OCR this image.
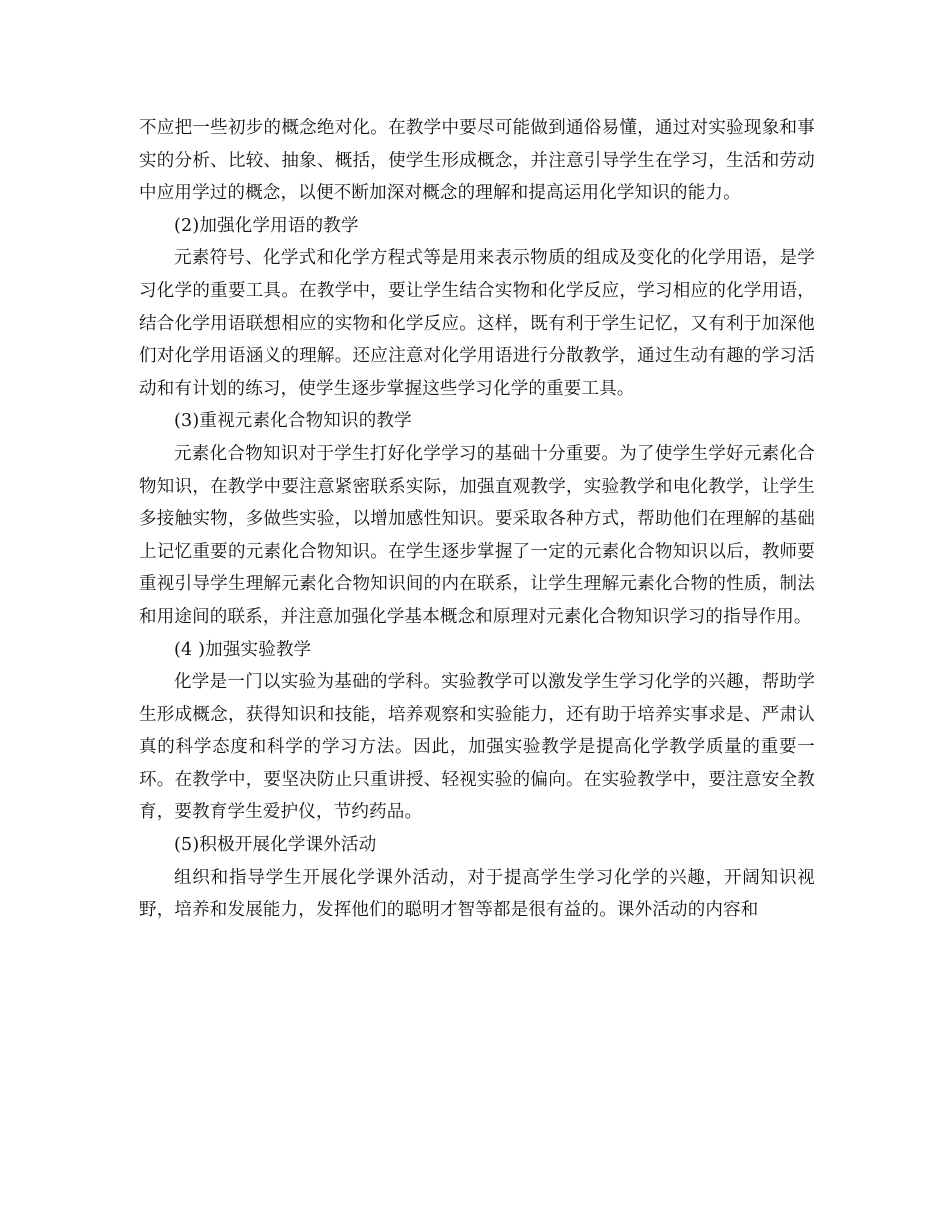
不应把一些初步的概念绝对化。在教学中要尽可能做到通俗易懂，通过对实验现象和事实的分析、比较、抽象、概括，使学生形成概念，并注意引导学生在学习，生活和劳动中应用学过的概念，以便不断加深对概念的理解和提高运用化学知识的能力。

(2)加强化学用语的教学

元素符号、化学式和化学方程式等是用来表示物质的组成及变化的化学用语，是学习化学的重要工具。在教学中，要让学生结合实物和化学反应，学习相应的化学用语，结合化学用语联想相应的实物和化学反应。这样，既有利于学生记忆，又有利于加深他们对化学用语涵义的理解。还应注意对化学用语进行分散教学，通过生动有趣的学习活动和有计划的练习，使学生逐步掌握这些学习化学的重要工具。

(3)重视元素化合物知识的教学

元素化合物知识对于学生打好化学学习的基础十分重要。为了使学生学好元素化合物知识，在教学中要注意紧密联系实际，加强直观教学，实验教学和电化教学，让学生多接触实物，多做些实验，以增加感性知识。要采取各种方式，帮助他们在理解的基础上记忆重要的元素化合物知识。在学生逐步掌握了一定的元素化合物知识以后，教师要重视引导学生理解元素化合物知识间的内在联系，让学生理解元素化合物的性质，制法和用途间的联系，并注意加强化学基本概念和原理对元素化合物知识学习的指导作用。

(4 )加强实验教学

化学是一门以实验为基础的学科。实验教学可以激发学生学习化学的兴趣，帮助学生形成概念，获得知识和技能，培养观察和实验能力，还有助于培养实事求是、严肃认真的科学态度和科学的学习方法。因此，加强实验教学是提高化学教学质量的重要一环。在教学中，要坚决防止只重讲授、轻视实验的偏向。在实验教学中，要注意安全教育，要教育学生爱护仪，节约药品。

(5)积极开展化学课外活动

组织和指导学生开展化学课外活动，对于提高学生学习化学的兴趣，开阔知识视野，培养和发展能力，发挥他们的聪明才智等都是很有益的。课外活动的内容和
